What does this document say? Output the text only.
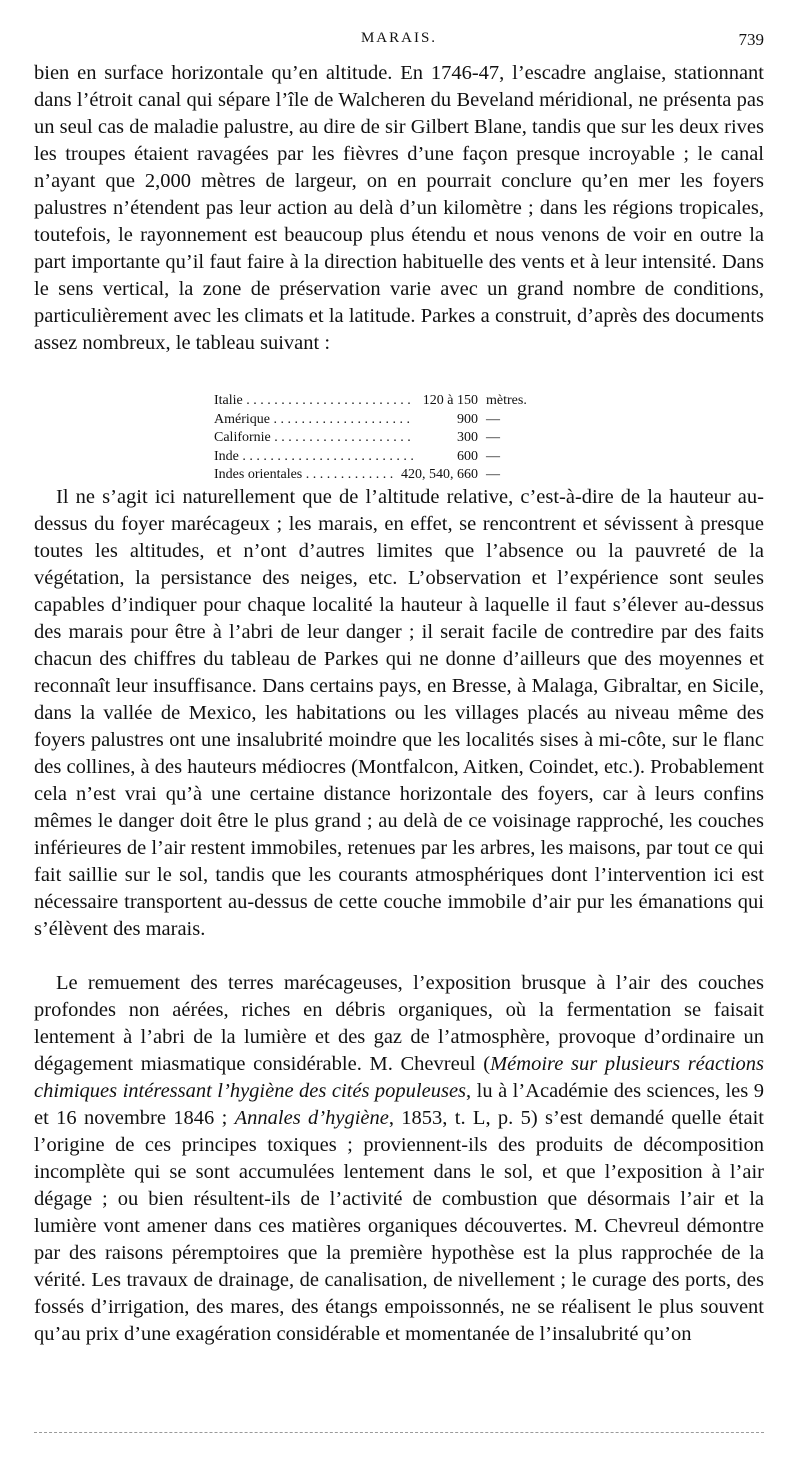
MARAIS.	739

bien en surface horizontale qu’en altitude. En 1746-47, l’escadre anglaise, stationnant dans l’étroit canal qui sépare l’île de Walcheren du Beveland méridional, ne présenta pas un seul cas de maladie palustre, au dire de sir Gilbert Blane, tandis que sur les deux rives les troupes étaient ravagées par les fièvres d’une façon presque incroyable ; le canal n’ayant que 2,000 mètres de largeur, on en pourrait conclure qu’en mer les foyers palustres n’étendent pas leur action au delà d’un kilomètre ; dans les régions tropicales, toutefois, le rayonnement est beaucoup plus étendu et nous venons de voir en outre la part importante qu’il faut faire à la direction habituelle des vents et à leur intensité. Dans le sens vertical, la zone de préservation varie avec un grand nombre de conditions, particulièrement avec les climats et la latitude. Parkes a construit, d’après des documents assez nombreux, le tableau suivant :

Italie . . .	120 à 150 mètres.
Amérique . . .	900 —
Californie . . .	300 —
Inde . . .	600 —
Indes orientales . . .	420, 540, 660 —

Il ne s’agit ici naturellement que de l’altitude relative, c’est-à-dire de la hauteur au-dessus du foyer marécageux ; les marais, en effet, se rencontrent et sévissent à presque toutes les altitudes, et n’ont d’autres limites que l’absence ou la pauvreté de la végétation, la persistance des neiges, etc. L’observation et l’expérience sont seules capables d’indiquer pour chaque localité la hauteur à laquelle il faut s’élever au-dessus des marais pour être à l’abri de leur danger ; il serait facile de contredire par des faits chacun des chiffres du tableau de Parkes qui ne donne d’ailleurs que des moyennes et reconnaît leur insuffisance. Dans certains pays, en Bresse, à Malaga, Gibraltar, en Sicile, dans la vallée de Mexico, les habitations ou les villages placés au niveau même des foyers palustres ont une insalubrité moindre que les localités sises à mi-côte, sur le flanc des collines, à des hauteurs médiocres (Montfalcon, Aitken, Coindet, etc.). Probablement cela n’est vrai qu’à une certaine distance horizontale des foyers, car à leurs confins mêmes le danger doit être le plus grand ; au delà de ce voisinage rapproché, les couches inférieures de l’air restent immobiles, retenues par les arbres, les maisons, par tout ce qui fait saillie sur le sol, tandis que les courants atmosphériques dont l’intervention ici est nécessaire transportent au-dessus de cette couche immobile d’air pur les émanations qui s’élèvent des marais.

Le remuement des terres marécageuses, l’exposition brusque à l’air des couches profondes non aérées, riches en débris organiques, où la fermentation se faisait lentement à l’abri de la lumière et des gaz de l’atmosphère, provoque d’ordinaire un dégagement miasmatique considérable. M. Chevreul (Mémoire sur plusieurs réactions chimiques intéressant l’hygiène des cités populeuses, lu à l’Académie des sciences, les 9 et 16 novembre 1846 ; Annales d’hygiène, 1853, t. L, p. 5) s’est demandé quelle était l’origine de ces principes toxiques ; proviennent-ils des produits de décomposition incomplète qui se sont accumulées lentement dans le sol, et que l’exposition à l’air dégage ; ou bien résultent-ils de l’activité de combustion que désormais l’air et la lumière vont amener dans ces matières organiques découvertes. M. Chevreul démontre par des raisons péremptoires que la première hypothèse est la plus rapprochée de la vérité. Les travaux de drainage, de canalisation, de nivellement ; le curage des ports, des fossés d’irrigation, des mares, des étangs empoissonnés, ne se réalisent le plus souvent qu’au prix d’une exagération considérable et momentanée de l’insalubrité qu’on
